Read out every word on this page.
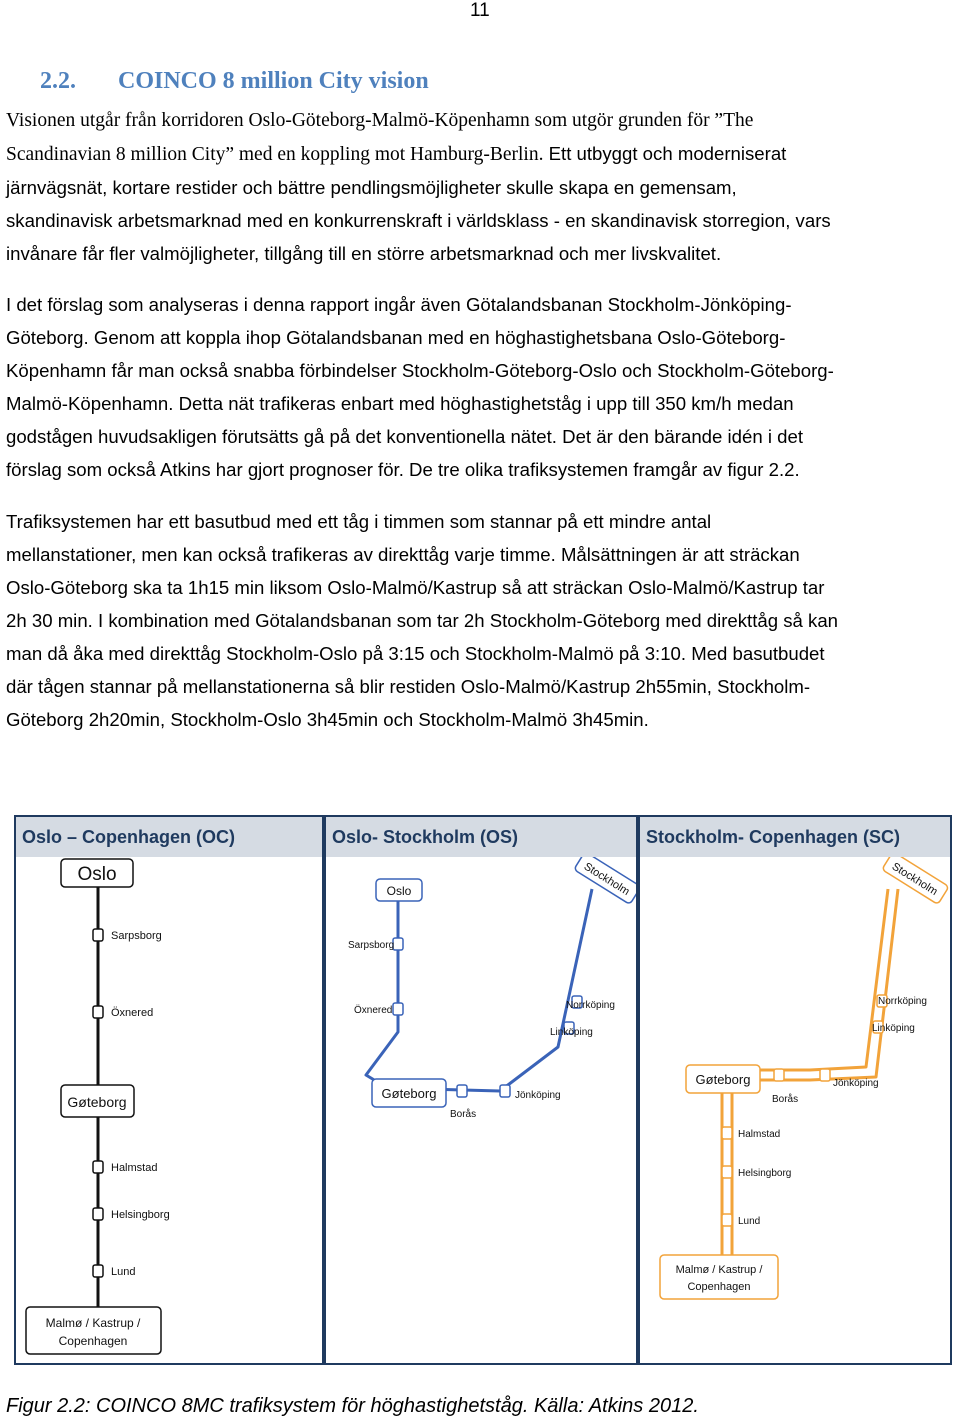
11
2.2. COINCO 8 million City vision

Visionen utgår från korridoren Oslo-Göteborg-Malmö-Köpenhamn som utgör grunden för ”The
Scandinavian 8 million City” med en koppling mot Hamburg-Berlin. Ett utbyggt och moderniserat
järnvägsnät, kortare restider och bättre pendlingsmöjligheter skulle skapa en gemensam,
skandinavisk arbetsmarknad med en konkurrenskraft i världsklass - en skandinavisk storregion, vars
invånare får fler valmöjligheter, tillgång till en större arbetsmarknad och mer livskvalitet.

I det förslag som analyseras i denna rapport ingår även Götalandsbanan Stockholm-Jönköping-
Göteborg. Genom att koppla ihop Götalandsbanan med en höghastighetsbana Oslo-Göteborg-
Köpenhamn får man också snabba förbindelser Stockholm-Göteborg-Oslo och Stockholm-Göteborg-
Malmö-Köpenhamn. Detta nät trafikeras enbart med höghastighetståg i upp till 350 km/h medan
godstågen huvudsakligen förutsätts gå på det konventionella nätet. Det är den bärande idén i det
förslag som också Atkins har gjort prognoser för. De tre olika trafiksystemen framgår av figur 2.2.

Trafiksystemen har ett basutbud med ett tåg i timmen som stannar på ett mindre antal
mellanstationer, men kan också trafikeras av direkttåg varje timme. Målsättningen är att sträckan
Oslo-Göteborg ska ta 1h15 min liksom Oslo-Malmö/Kastrup så att sträckan Oslo-Malmö/Kastrup tar
2h 30 min. I kombination med Götalandsbanan som tar 2h Stockholm-Göteborg med direkttåg så kan
man då åka med direkttåg Stockholm-Oslo på 3:15 och Stockholm-Malmö på 3:10. Med basutbudet
där tågen stannar på mellanstationerna så blir restiden Oslo-Malmö/Kastrup 2h55min, Stockholm-
Göteborg 2h20min, Stockholm-Oslo 3h45min och Stockholm-Malmö 3h45min.

Oslo
Sarpsborg
Öxnered
Gøteborg
Halmstad
Helsingborg
Lund
Malmø / Kastrup /
Copenhagen
Oslo – Copenhagen (OC)
Oslo	Stockholm
Sarpsborg
Öxnered	Norrköping
Linköping
Gøteborg
Borås
Jönköping
Oslo- Stockholm (OS)
Stockholm
Norrköping
Linköping
Gøteborg
Borås
Jönköping
Halmstad
Helsingborg
Lund
Malmø / Kastrup /
Copenhagen
Stockholm- Copenhagen (SC)
Figur 2.2: COINCO 8MC trafiksystem för höghastighetståg. Källa: Atkins 2012.
